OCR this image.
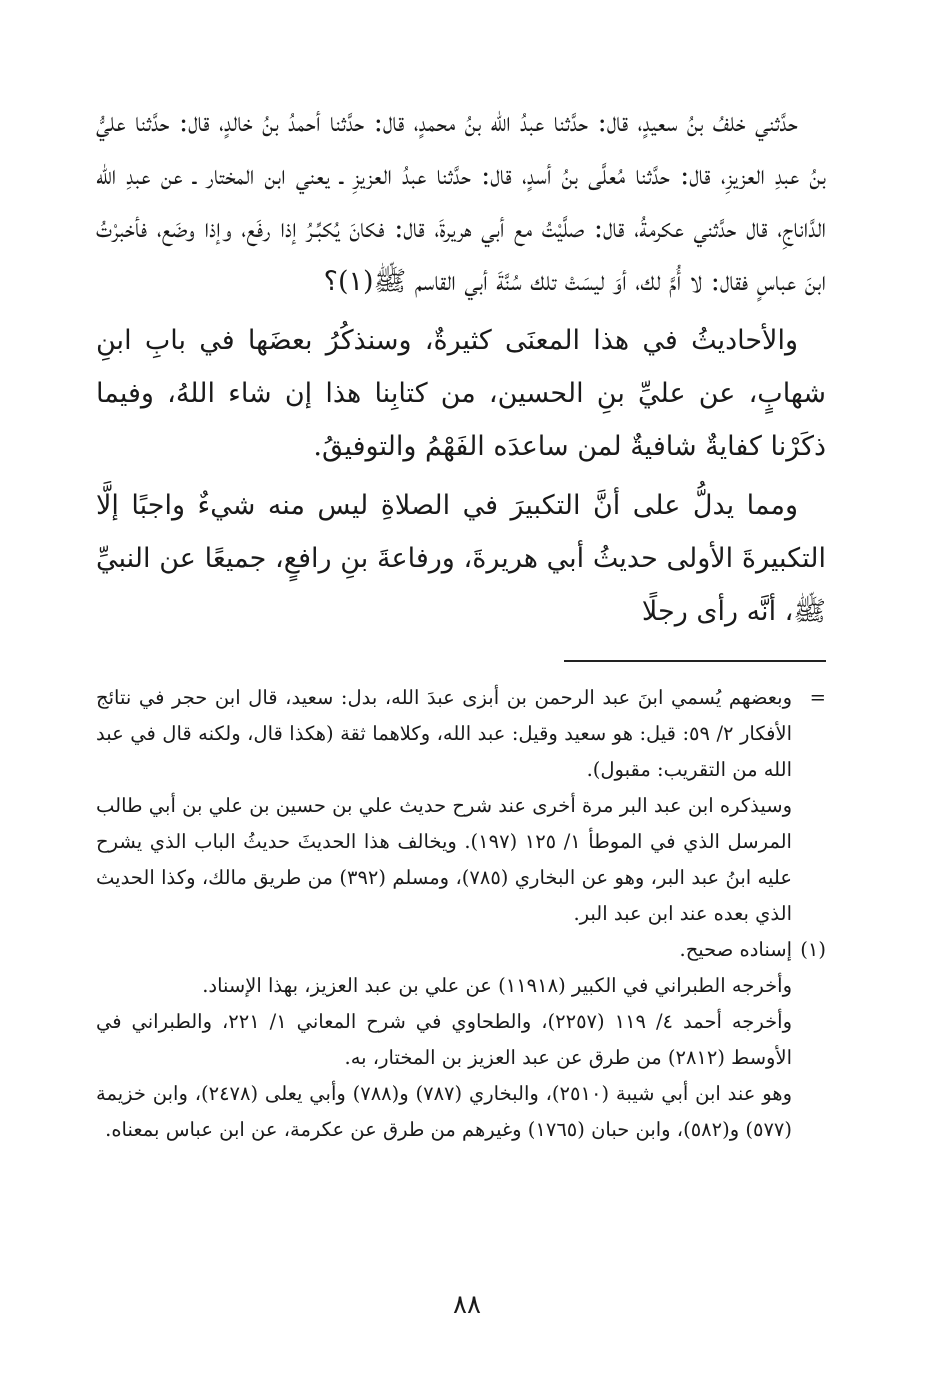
حدَّثني خلفُ بنُ سعيدٍ، قال: حدَّثنا عبدُ الله بنُ محمدٍ، قال: حدَّثنا أحمدُ بنُ خالدٍ، قال: حدَّثنا عليُّ بنُ عبدِ العزيزِ، قال: حدَّثنا مُعلَّى بنُ أسدٍ، قال: حدَّثنا عبدُ العزيزِ ـ يعني ابن المختار ـ عن عبدِ الله الدَّاناجِ، قال حدَّثني عكرمةُ، قال: صلَّيْتُ مع أبي هريرةَ، قال: فكانَ يُكبِّـرُ إذا رفَع، وإذا وضَع، فأخبرْتُ ابنَ عباسٍ فقال: لا أُمَّ لك، أوَ ليسَتْ تلك سُنَّةَ أبي القاسم ﷺ(١)؟

والأحاديثُ في هذا المعنَى كثيرةٌ، وسنذكُرُ بعضَها في بابِ ابنِ شهابٍ، عن عليِّ بنِ الحسين، من كتابِنا هذا إن شاء اللهُ، وفيما ذكَرْنا كفايةٌ شافيةٌ لمن ساعدَه الفَهْمُ والتوفيقُ.

ومما يدلُّ على أنَّ التكبيرَ في الصلاةِ ليس منه شيءٌ واجبًا إلَّا التكبيرةَ الأولى حديثُ أبي هريرةَ، ورفاعةَ بنِ رافعٍ، جميعًا عن النبيِّ ﷺ، أنَّه رأى رجلًا

=
وبعضهم يُسمي ابنَ عبد الرحمن بن أبزى عبدَ الله، بدل: سعيد، قال ابن حجر في نتائج الأفكار ٢/ ٥٩: قيل: هو سعيد وقيل: عبد الله، وكلاهما ثقة (هكذا قال، ولكنه قال في عبد الله من التقريب: مقبول).
وسيذكره ابن عبد البر مرة أخرى عند شرح حديث علي بن حسين بن علي بن أبي طالب المرسل الذي في الموطأ ١/ ١٢٥ (١٩٧). ويخالف هذا الحديثَ حديثُ الباب الذي يشرح عليه ابنُ عبد البر، وهو عن البخاري (٧٨٥)، ومسلم (٣٩٢) من طريق مالك، وكذا الحديث الذي بعده عند ابن عبد البر.
(١)
إسناده صحيح.
وأخرجه الطبراني في الكبير (١١٩١٨) عن علي بن عبد العزيز، بهذا الإسناد.
وأخرجه أحمد ٤/ ١١٩ (٢٢٥٧)، والطحاوي في شرح المعاني ١/ ٢٢١، والطبراني في الأوسط (٢٨١٢) من طرق عن عبد العزيز بن المختار، به.
وهو عند ابن أبي شيبة (٢٥١٠)، والبخاري (٧٨٧) و(٧٨٨) وأبي يعلى (٢٤٧٨)، وابن خزيمة (٥٧٧) و(٥٨٢)، وابن حبان (١٧٦٥) وغيرهم من طرق عن عكرمة، عن ابن عباس بمعناه.
٨٨
